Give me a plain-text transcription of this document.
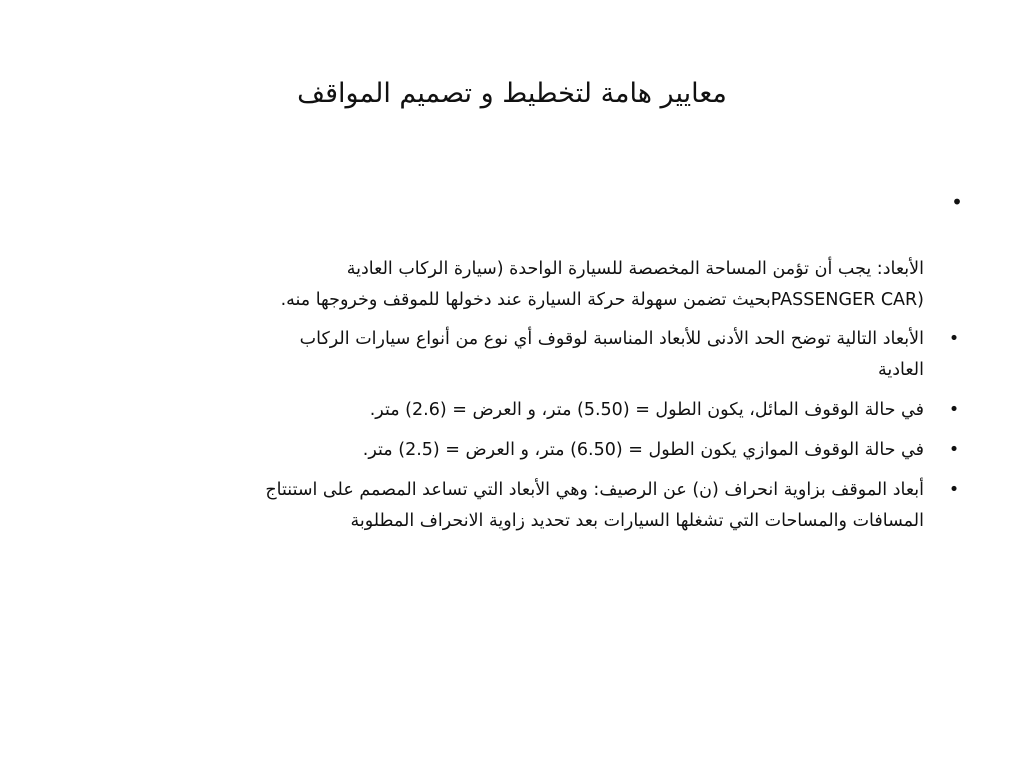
معايير هامة لتخطيط و تصميم المواقف
•
الأبعاد: يجب أن تؤمن المساحة المخصصة للسيارة الواحدة (سيارة الركاب العادية
(PASSENGER CARبحيث تضمن سهولة حركة السيارة عند دخولها للموقف وخروجها منه.
•
الأبعاد التالية توضح الحد الأدنى للأبعاد المناسبة لوقوف أي نوع من أنواع سيارات الركاب
العادية
•
في حالة الوقوف المائل، يكون الطول = (5.50) متر، و العرض = (2.6) متر.
•
في حالة الوقوف الموازي يكون الطول = (6.50) متر، و العرض = (2.5) متر.
•
أبعاد الموقف بزاوية انحراف (ن) عن الرصيف: وهي الأبعاد التي تساعد المصمم على استنتاج
المسافات والمساحات التي تشغلها السيارات بعد تحديد زاوية الانحراف المطلوبة
